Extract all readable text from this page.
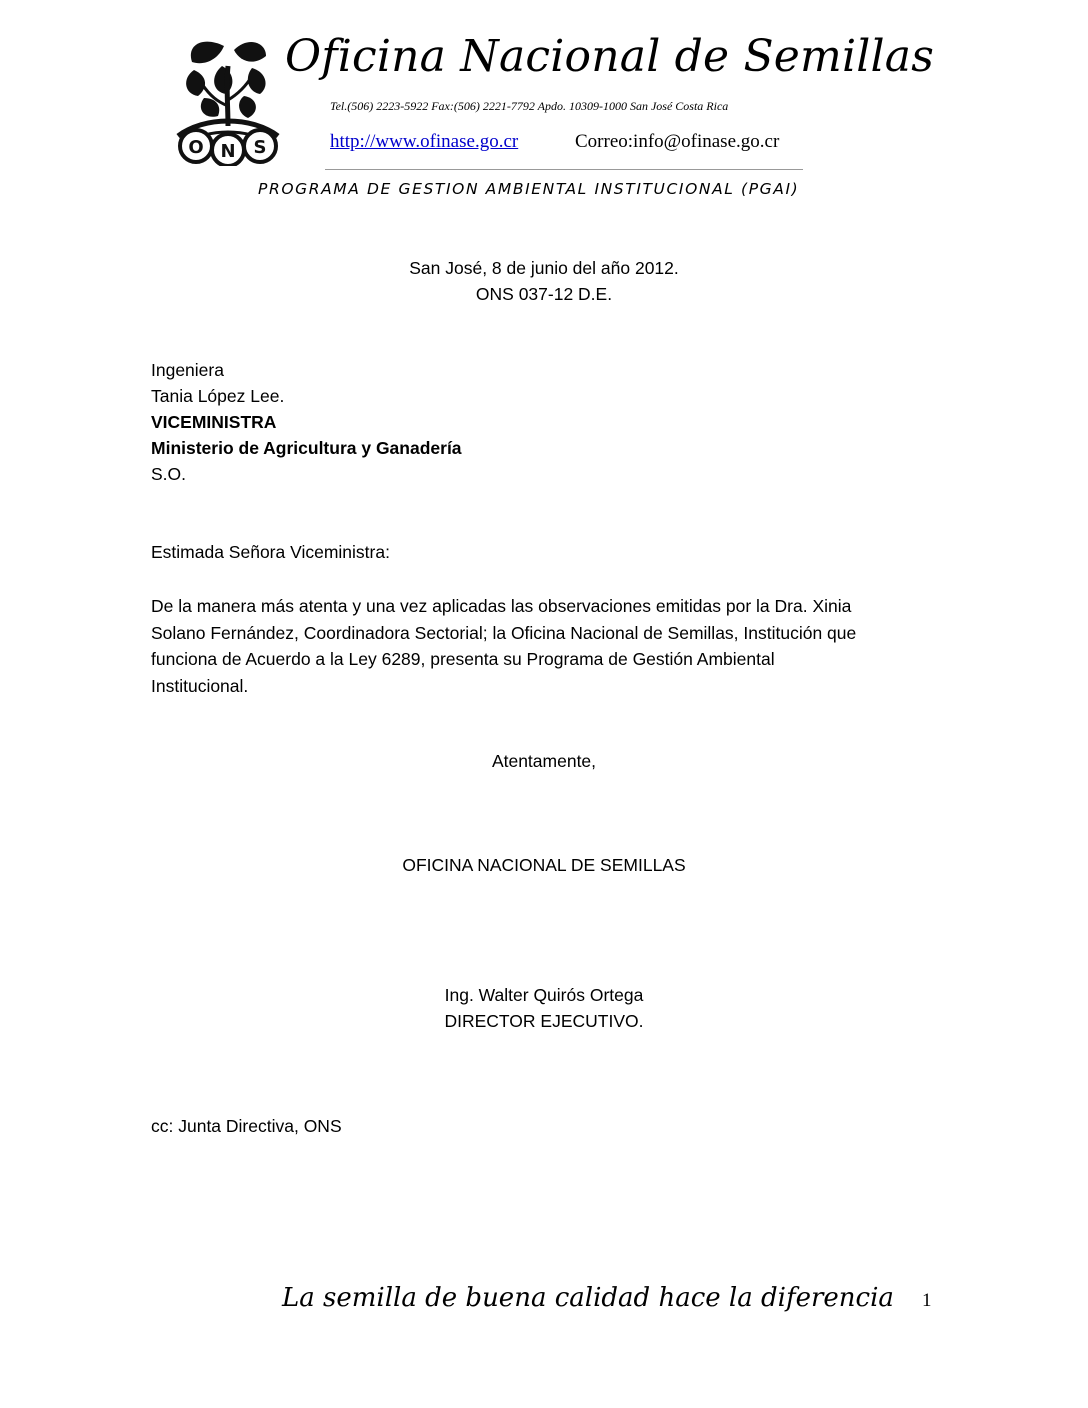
O N S
Oficina Nacional de Semillas
Tel.(506) 2223-5922 Fax:(506) 2221-7792 Apdo. 10309-1000 San José Costa Rica
http://www.ofinase.go.cr	Correo:info@ofinase.go.cr
PROGRAMA DE GESTION AMBIENTAL INSTITUCIONAL (PGAI)
San José, 8 de junio del año 2012.
ONS 037-12 D.E.
Ingeniera
Tania López Lee.
VICEMINISTRA
Ministerio de Agricultura y Ganadería
S.O.
Estimada Señora Viceministra:
De la manera más atenta y una vez aplicadas las observaciones emitidas por la Dra. Xinia
Solano Fernández, Coordinadora Sectorial; la Oficina Nacional de Semillas, Institución que
funciona de Acuerdo a la Ley 6289, presenta su Programa de Gestión Ambiental
Institucional.
Atentamente,
OFICINA NACIONAL DE SEMILLAS
Ing. Walter Quirós Ortega
DIRECTOR EJECUTIVO.
cc: Junta Directiva, ONS
La semilla de buena calidad hace la diferencia 1
